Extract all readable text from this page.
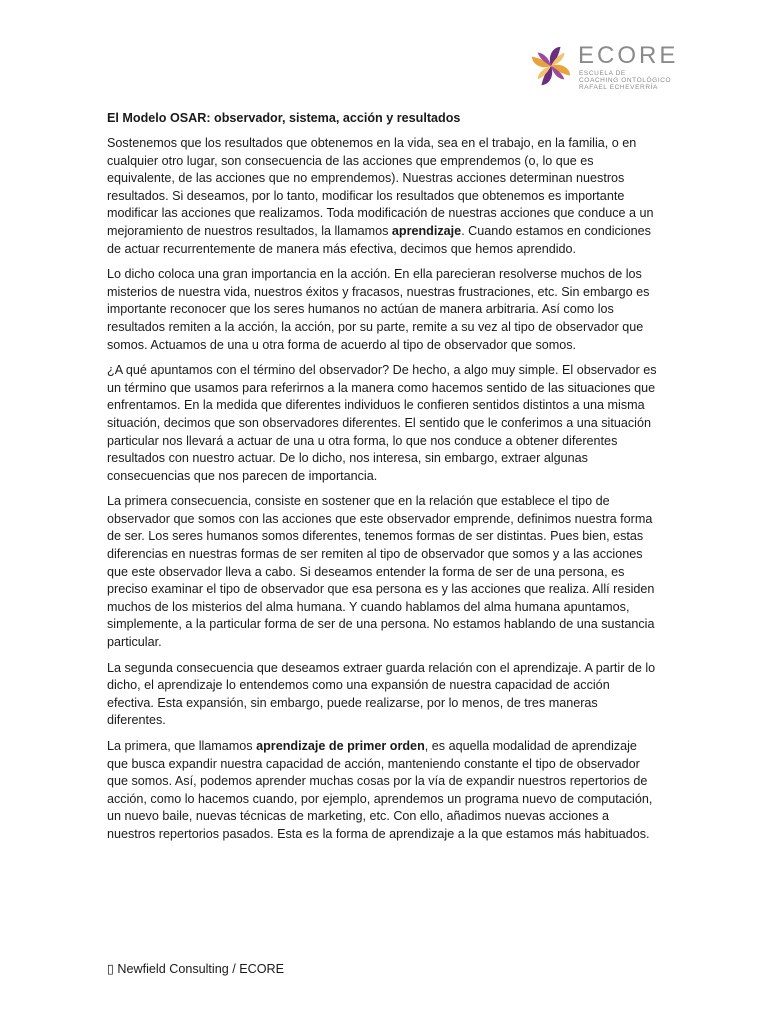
ECORE
ESCUELA DE
COACHING ONTOLÓGICO
RAFAEL ECHEVERRÍA
El Modelo OSAR: observador, sistema, acción y resultados

Sostenemos que los resultados que obtenemos en la vida, sea en el trabajo, en la familia, o en cualquier otro lugar, son consecuencia de las acciones que emprendemos (o, lo que es equivalente, de las acciones que no emprendemos). Nuestras acciones determinan nuestros resultados. Si deseamos, por lo tanto, modificar los resultados que obtenemos es importante modificar las acciones que realizamos. Toda modificación de nuestras acciones que conduce a un mejoramiento de nuestros resultados, la llamamos aprendizaje. Cuando estamos en condiciones de actuar recurrentemente de manera más efectiva, decimos que hemos aprendido.

Lo dicho coloca una gran importancia en la acción. En ella parecieran resolverse muchos de los misterios de nuestra vida, nuestros éxitos y fracasos, nuestras frustraciones, etc. Sin embargo es importante reconocer que los seres humanos no actúan de manera arbitraria. Así como los resultados remiten a la acción, la acción, por su parte, remite a su vez al tipo de observador que somos. Actuamos de una u otra forma de acuerdo al tipo de observador que somos.

¿A qué apuntamos con el término del observador? De hecho, a algo muy simple. El observador es un término que usamos para referirnos a la manera como hacemos sentido de las situaciones que enfrentamos. En la medida que diferentes individuos le confieren sentidos distintos a una misma situación, decimos que son observadores diferentes. El sentido que le conferimos a una situación particular nos llevará a actuar de una u otra forma, lo que nos conduce a obtener diferentes resultados con nuestro actuar. De lo dicho, nos interesa, sin embargo, extraer algunas consecuencias que nos parecen de importancia.

La primera consecuencia, consiste en sostener que en la relación que establece el tipo de observador que somos con las acciones que este observador emprende, definimos nuestra forma de ser. Los seres humanos somos diferentes, tenemos formas de ser distintas. Pues bien, estas diferencias en nuestras formas de ser remiten al tipo de observador que somos y a las acciones que este observador lleva a cabo. Si deseamos entender la forma de ser de una persona, es preciso examinar el tipo de observador que esa persona es y las acciones que realiza. Allí residen muchos de los misterios del alma humana. Y cuando hablamos del alma humana apuntamos, simplemente, a la particular forma de ser de una persona. No estamos hablando de una sustancia particular.

La segunda consecuencia que deseamos extraer guarda relación con el aprendizaje. A partir de lo dicho, el aprendizaje lo entendemos como una expansión de nuestra capacidad de acción efectiva. Esta expansión, sin embargo, puede realizarse, por lo menos, de tres maneras diferentes.

La primera, que llamamos aprendizaje de primer orden, es aquella modalidad de aprendizaje que busca expandir nuestra capacidad de acción, manteniendo constante el tipo de observador que somos. Así, podemos aprender muchas cosas por la vía de expandir nuestros repertorios de acción, como lo hacemos cuando, por ejemplo, aprendemos un programa nuevo de computación, un nuevo baile, nuevas técnicas de marketing, etc. Con ello, añadimos nuevas acciones a nuestros repertorios pasados. Esta es la forma de aprendizaje a la que estamos más habituados.

▯ Newfield Consulting / ECORE
